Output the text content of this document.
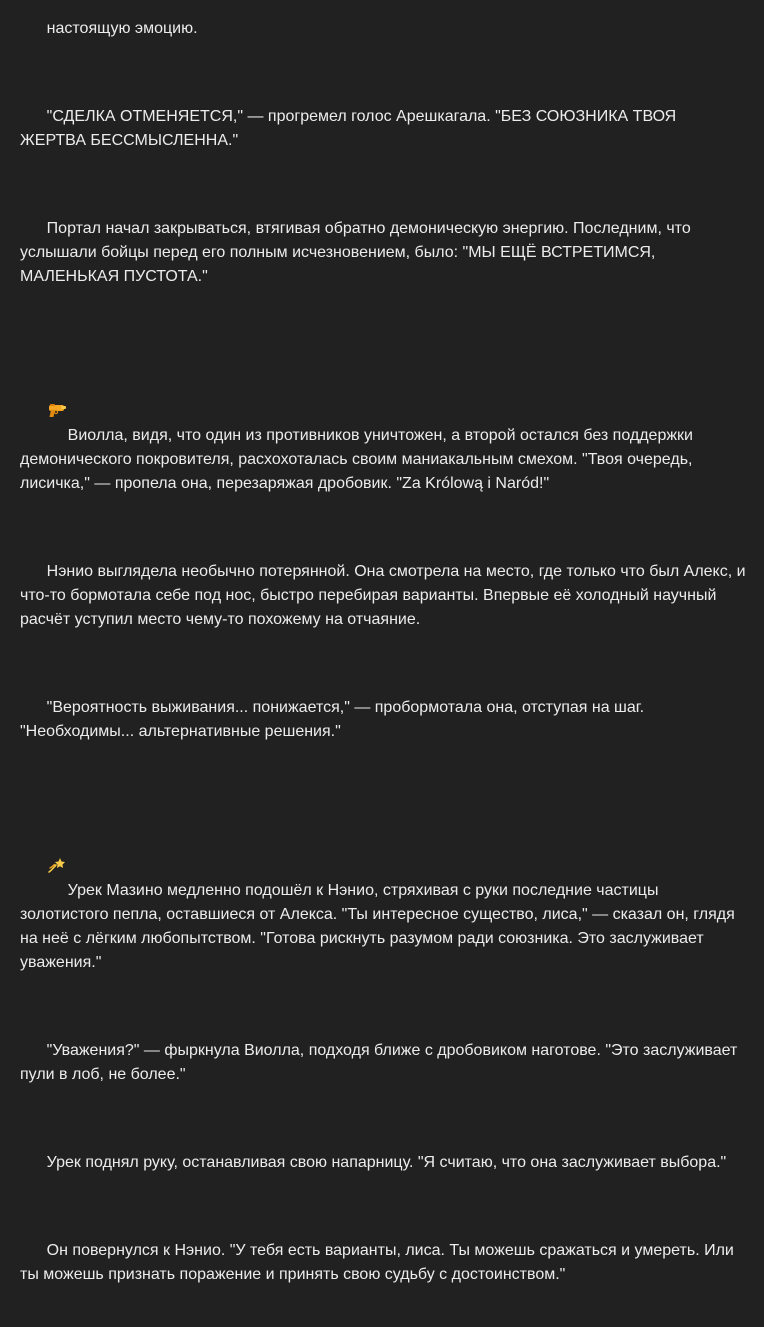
настоящую эмоцию.

"СДЕЛКА ОТМЕНЯЕТСЯ," — прогремел голос Арешкагала. "БЕЗ СОЮЗНИКА ТВОЯ ЖЕРТВА БЕССМЫСЛЕННА."

Портал начал закрываться, втягивая обратно демоническую энергию. Последним, что услышали бойцы перед его полным исчезновением, было: "МЫ ЕЩЁ ВСТРЕТИМСЯ, МАЛЕНЬКАЯ ПУСТОТА."

Виолла, видя, что один из противников уничтожен, а второй остался без поддержки демонического покровителя, расхохоталась своим маниакальным смехом. "Твоя очередь, лисичка," — пропела она, перезаряжая дробовик. "Za Królową i Naród!"

Нэнио выглядела необычно потерянной. Она смотрела на место, где только что был Алекс, и что-то бормотала себе под нос, быстро перебирая варианты. Впервые её холодный научный расчёт уступил место чему-то похожему на отчаяние.

"Вероятность выживания... понижается," — пробормотала она, отступая на шаг. "Необходимы... альтернативные решения."

Урек Мазино медленно подошёл к Нэнио, стряхивая с руки последние частицы золотистого пепла, оставшиеся от Алекса. "Ты интересное существо, лиса," — сказал он, глядя на неё с лёгким любопытством. "Готова рискнуть разумом ради союзника. Это заслуживает уважения."

"Уважения?" — фыркнула Виолла, подходя ближе с дробовиком наготове. "Это заслуживает пули в лоб, не более."

Урек поднял руку, останавливая свою напарницу. "Я считаю, что она заслуживает выбора."

Он повернулся к Нэнио. "У тебя есть варианты, лиса. Ты можешь сражаться и умереть. Или ты можешь признать поражение и принять свою судьбу с достоинством."
